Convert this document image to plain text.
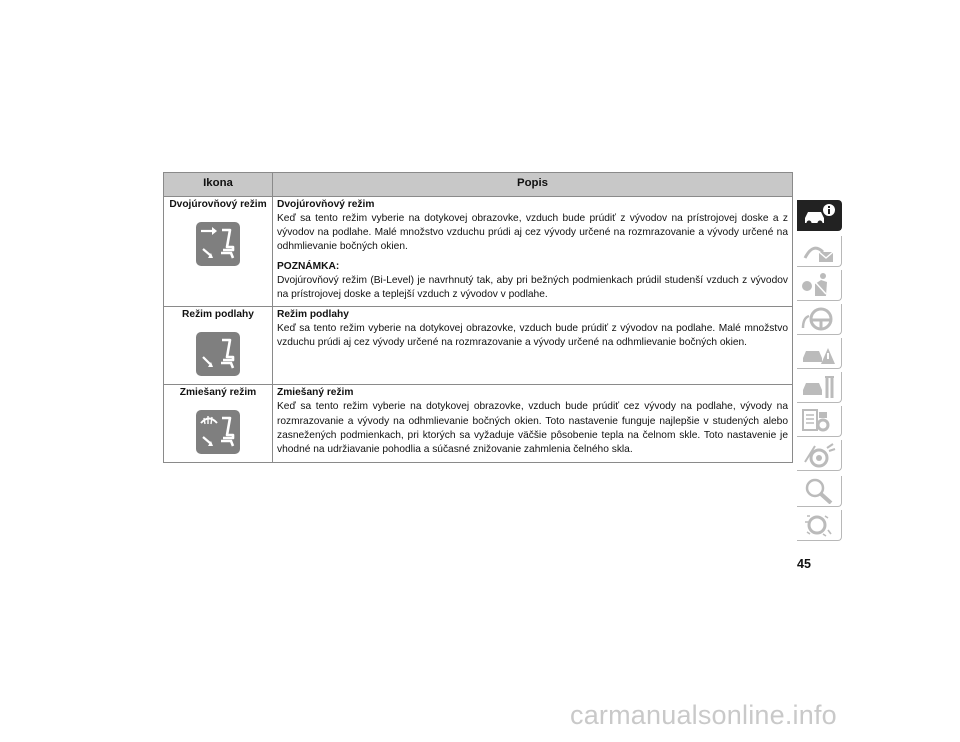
Ikona	Popis

Dvojúrovňový režim	Dvojúrovňový režim
Keď sa tento režim vyberie na dotykovej obrazovke, vzduch bude prúdiť z vývodov na prístrojovej doske a z vývodov na podlahe. Malé množstvo vzduchu prúdi aj cez vývody určené na rozmrazovanie a vývody určené na odhmlievanie bočných okien.
POZNÁMKA:
Dvojúrovňový režim (Bi-Level) je navrhnutý tak, aby pri bežných podmienkach prúdil studenší vzduch z vývodov na prístrojovej doske a teplejší vzduch z vývodov v podlahe.

Režim podlahy	Režim podlahy
Keď sa tento režim vyberie na dotykovej obrazovke, vzduch bude prúdiť z vývodov na podlahe. Malé množstvo vzduchu prúdi aj cez vývody určené na rozmrazovanie a vývody určené na odhmlievanie bočných okien.

Zmiešaný režim	Zmiešaný režim
Keď sa tento režim vyberie na dotykovej obrazovke, vzduch bude prúdiť cez vývody na podlahe, vývody na rozmrazovanie a vývody na odhmlievanie bočných okien. Toto nastavenie funguje najlepšie v studených alebo zasnežených podmienkach, pri ktorých sa vyžaduje väčšie pôsobenie tepla na čelnom skle. Toto nastavenie je vhodné na udržiavanie pohodlia a súčasné znižovanie zahmlenia čelného skla.
45
carmanualsonline.info
